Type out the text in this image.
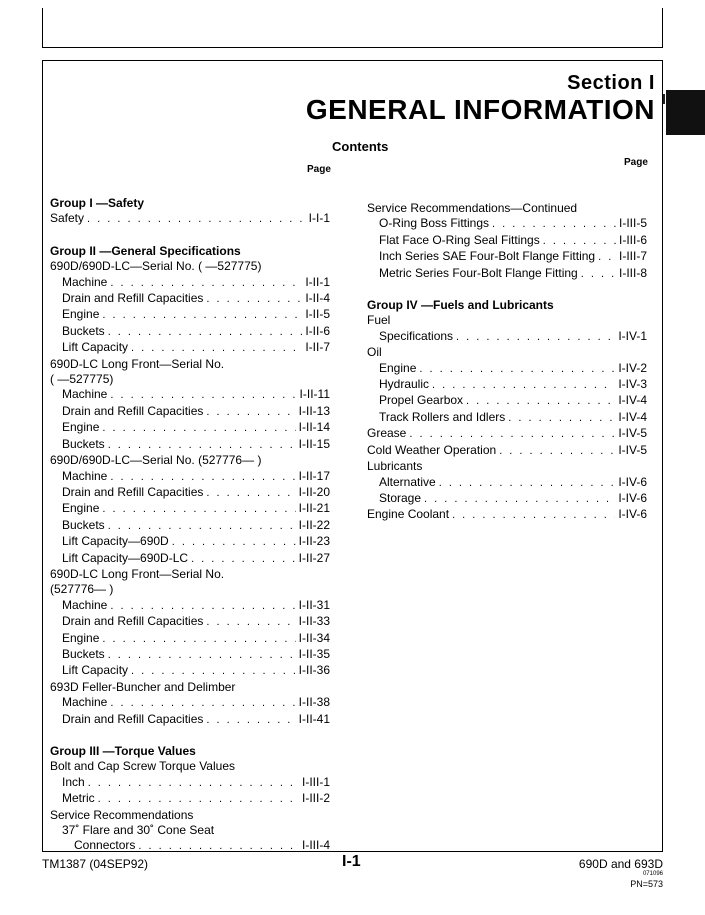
Section I
GENERAL INFORMATION
Contents
Page
Page
Group I —Safety
Safety . . .	I-I-1
Group II —General Specifications
690D/690D-LC—Serial No. ( —527775)
Machine . . .	I-II-1
Drain and Refill Capacities . . .	I-II-4
Engine . . .	I-II-5
Buckets . . .	I-II-6
Lift Capacity . . .	I-II-7
690D-LC Long Front—Serial No.
( —527775)
Machine . . .	I-II-11
Drain and Refill Capacities . . .	I-II-13
Engine . . .	I-II-14
Buckets . . .	I-II-15
690D/690D-LC—Serial No. (527776— )
Machine . . .	I-II-17
Drain and Refill Capacities . . .	I-II-20
Engine . . .	I-II-21
Buckets . . .	I-II-22
Lift Capacity—690D . . .	I-II-23
Lift Capacity—690D-LC . . .	I-II-27
690D-LC Long Front—Serial No.
(527776— )
Machine . . .	I-II-31
Drain and Refill Capacities . . .	I-II-33
Engine . . .	I-II-34
Buckets . . .	I-II-35
Lift Capacity . . .	I-II-36
693D Feller-Buncher and Delimber
Machine . . .	I-II-38
Drain and Refill Capacities . . .	I-II-41
Group III —Torque Values
Bolt and Cap Screw Torque Values
Inch . . .	I-III-1
Metric . . .	I-III-2
Service Recommendations
37˚ Flare and 30˚ Cone Seat
Connectors . . .	I-III-4
Service Recommendations—Continued
O-Ring Boss Fittings . . .	I-III-5
Flat Face O-Ring Seal Fittings . . .	I-III-6
Inch Series SAE Four-Bolt Flange Fitting . . . I-III-7
Metric Series Four-Bolt Flange Fitting . . .	I-III-8
Group IV —Fuels and Lubricants
Fuel
Specifications . . .	I-IV-1
Oil
Engine . . .	I-IV-2
Hydraulic . . .	I-IV-3
Propel Gearbox . . .	I-IV-4
Track Rollers and Idlers . . .	I-IV-4
Grease . . .	I-IV-5
Cold Weather Operation . . .	I-IV-5
Lubricants
Alternative . . .	I-IV-6
Storage . . .	I-IV-6
Engine Coolant . . .	I-IV-6
TM1387 (04SEP92)	I-1	690D and 693D
071096
PN=573
